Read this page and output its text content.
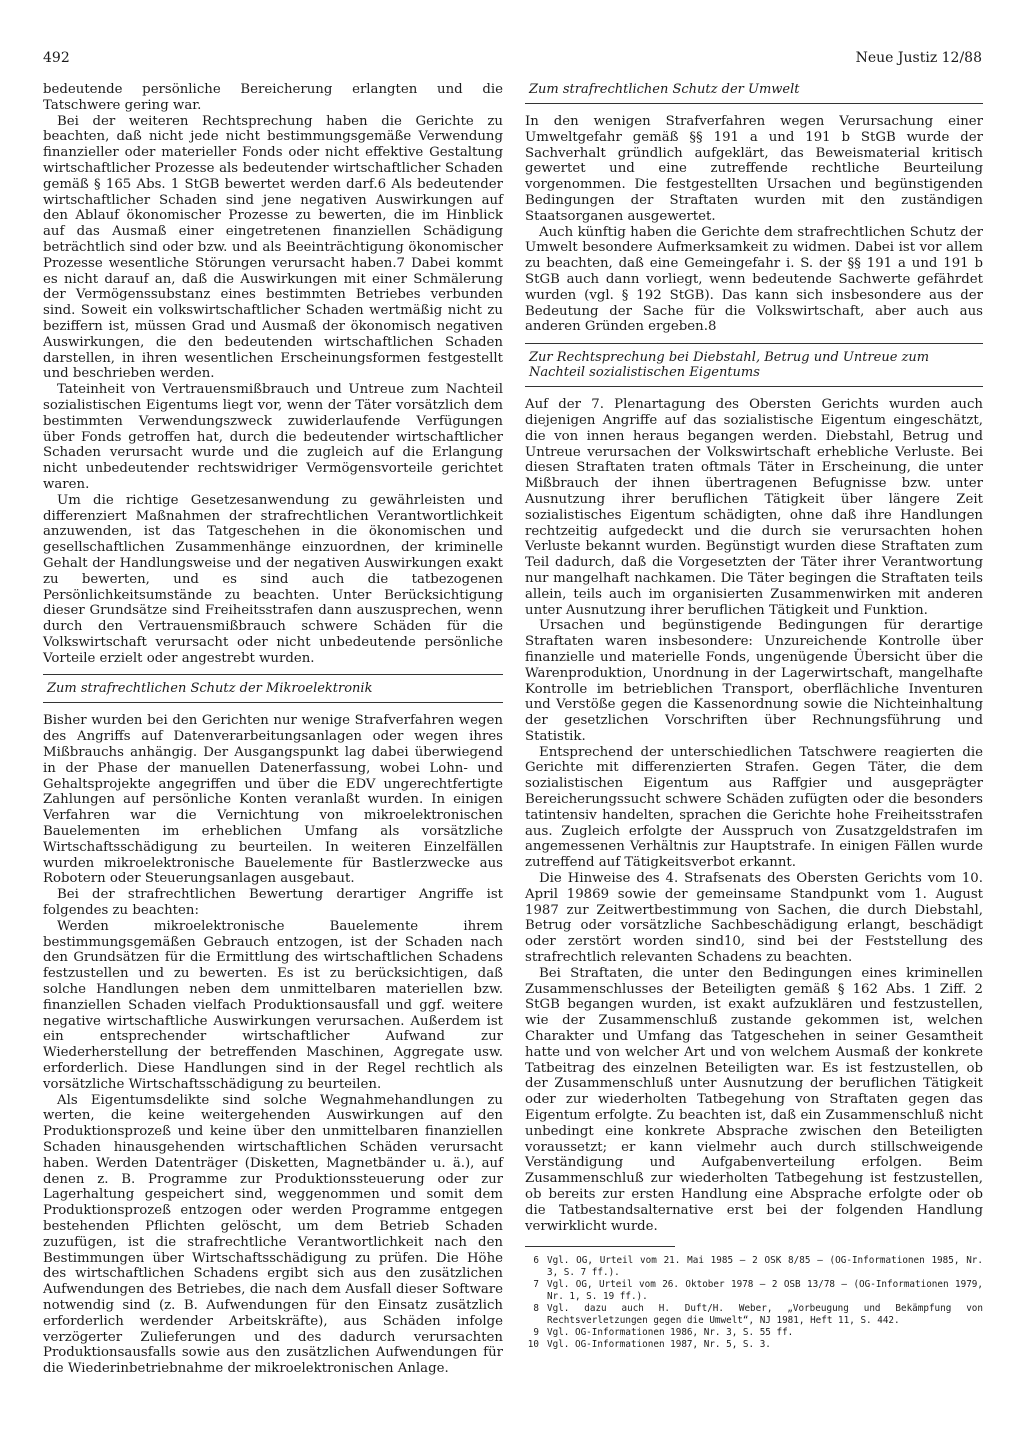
492	Neue Justiz 12/88

bedeutende persönliche Bereicherung erlangten und die Tatschwere gering war.

Bei der weiteren Rechtsprechung haben die Gerichte zu beachten, daß nicht jede nicht bestimmungsgemäße Verwendung finanzieller oder materieller Fonds oder nicht effektive Gestaltung wirtschaftlicher Prozesse als bedeutender wirtschaftlicher Schaden gemäß § 165 Abs. 1 StGB bewertet werden darf.6 Als bedeutender wirtschaftlicher Schaden sind jene negativen Auswirkungen auf den Ablauf ökonomischer Prozesse zu bewerten, die im Hinblick auf das Ausmaß einer eingetretenen finanziellen Schädigung beträchtlich sind oder bzw. und als Beeinträchtigung ökonomischer Prozesse wesentliche Störungen verursacht haben.7 Dabei kommt es nicht darauf an, daß die Auswirkungen mit einer Schmälerung der Vermögenssubstanz eines bestimmten Betriebes verbunden sind. Soweit ein volkswirtschaftlicher Schaden wertmäßig nicht zu beziffern ist, müssen Grad und Ausmaß der ökonomisch negativen Auswirkungen, die den bedeutenden wirtschaftlichen Schaden darstellen, in ihren wesentlichen Erscheinungsformen festgestellt und beschrieben werden.

Tateinheit von Vertrauensmißbrauch und Untreue zum Nachteil sozialistischen Eigentums liegt vor, wenn der Täter vorsätzlich dem bestimmten Verwendungszweck zuwiderlaufende Verfügungen über Fonds getroffen hat, durch die bedeutender wirtschaftlicher Schaden verursacht wurde und die zugleich auf die Erlangung nicht unbedeutender rechtswidriger Vermögensvorteile gerichtet waren.

Um die richtige Gesetzesanwendung zu gewährleisten und differenziert Maßnahmen der strafrechtlichen Verantwortlichkeit anzuwenden, ist das Tatgeschehen in die ökonomischen und gesellschaftlichen Zusammenhänge einzuordnen, der kriminelle Gehalt der Handlungsweise und der negativen Auswirkungen exakt zu bewerten, und es sind auch die tatbezogenen Persönlichkeitsumstände zu beachten. Unter Berücksichtigung dieser Grundsätze sind Freiheitsstrafen dann auszusprechen, wenn durch den Vertrauensmißbrauch schwere Schäden für die Volkswirtschaft verursacht oder nicht unbedeutende persönliche Vorteile erzielt oder angestrebt wurden.

Zum strafrechtlichen Schutz der Mikroelektronik

Bisher wurden bei den Gerichten nur wenige Strafverfahren wegen des Angriffs auf Datenverarbeitungsanlagen oder wegen ihres Mißbrauchs anhängig. Der Ausgangspunkt lag dabei überwiegend in der Phase der manuellen Datenerfassung, wobei Lohn- und Gehaltsprojekte angegriffen und über die EDV ungerechtfertigte Zahlungen auf persönliche Konten veranlaßt wurden. In einigen Verfahren war die Vernichtung von mikroelektronischen Bauelementen im erheblichen Umfang als vorsätzliche Wirtschaftsschädigung zu beurteilen. In weiteren Einzelfällen wurden mikroelektronische Bauelemente für Bastlerzwecke aus Robotern oder Steuerungsanlagen ausgebaut.

Bei der strafrechtlichen Bewertung derartiger Angriffe ist folgendes zu beachten:

Werden mikroelektronische Bauelemente ihrem bestimmungsgemäßen Gebrauch entzogen, ist der Schaden nach den Grundsätzen für die Ermittlung des wirtschaftlichen Schadens festzustellen und zu bewerten. Es ist zu berücksichtigen, daß solche Handlungen neben dem unmittelbaren materiellen bzw. finanziellen Schaden vielfach Produktionsausfall und ggf. weitere negative wirtschaftliche Auswirkungen verursachen. Außerdem ist ein entsprechender wirtschaftlicher Aufwand zur Wiederherstellung der betreffenden Maschinen, Aggregate usw. erforderlich. Diese Handlungen sind in der Regel rechtlich als vorsätzliche Wirtschaftsschädigung zu beurteilen.

Als Eigentumsdelikte sind solche Wegnahmehandlungen zu werten, die keine weitergehenden Auswirkungen auf den Produktionsprozeß und keine über den unmittelbaren finanziellen Schaden hinausgehenden wirtschaftlichen Schäden verursacht haben. Werden Datenträger (Disketten, Magnetbänder u. ä.), auf denen z. B. Programme zur Produktionssteuerung oder zur Lagerhaltung gespeichert sind, weggenommen und somit dem Produktionsprozeß entzogen oder werden Programme entgegen bestehenden Pflichten gelöscht, um dem Betrieb Schaden zuzufügen, ist die strafrechtliche Verantwortlichkeit nach den Bestimmungen über Wirtschaftsschädigung zu prüfen. Die Höhe des wirtschaftlichen Schadens ergibt sich aus den zusätzlichen Aufwendungen des Betriebes, die nach dem Ausfall dieser Software notwendig sind (z. B. Aufwendungen für den Einsatz zusätzlich erforderlich werdender Arbeitskräfte), aus Schäden infolge verzögerter Zulieferungen und des dadurch verursachten Produktionsausfalls sowie aus den zusätzlichen Aufwendungen für die Wiederinbetriebnahme der mikroelektronischen Anlage.

Zum strafrechtlichen Schutz der Umwelt

In den wenigen Strafverfahren wegen Verursachung einer Umweltgefahr gemäß §§ 191 a und 191 b StGB wurde der Sachverhalt gründlich aufgeklärt, das Beweismaterial kritisch gewertet und eine zutreffende rechtliche Beurteilung vorgenommen. Die festgestellten Ursachen und begünstigenden Bedingungen der Straftaten wurden mit den zuständigen Staatsorganen ausgewertet.

Auch künftig haben die Gerichte dem strafrechtlichen Schutz der Umwelt besondere Aufmerksamkeit zu widmen. Dabei ist vor allem zu beachten, daß eine Gemeingefahr i. S. der §§ 191 a und 191 b StGB auch dann vorliegt, wenn bedeutende Sachwerte gefährdet wurden (vgl. § 192 StGB). Das kann sich insbesondere aus der Bedeutung der Sache für die Volkswirtschaft, aber auch aus anderen Gründen ergeben.8

Zur Rechtsprechung bei Diebstahl, Betrug und Untreue zum Nachteil sozialistischen Eigentums

Auf der 7. Plenartagung des Obersten Gerichts wurden auch diejenigen Angriffe auf das sozialistische Eigentum eingeschätzt, die von innen heraus begangen werden. Diebstahl, Betrug und Untreue verursachen der Volkswirtschaft erhebliche Verluste. Bei diesen Straftaten traten oftmals Täter in Erscheinung, die unter Mißbrauch der ihnen übertragenen Befugnisse bzw. unter Ausnutzung ihrer beruflichen Tätigkeit über längere Zeit sozialistisches Eigentum schädigten, ohne daß ihre Handlungen rechtzeitig aufgedeckt und die durch sie verursachten hohen Verluste bekannt wurden. Begünstigt wurden diese Straftaten zum Teil dadurch, daß die Vorgesetzten der Täter ihrer Verantwortung nur mangelhaft nachkamen. Die Täter begingen die Straftaten teils allein, teils auch im organisierten Zusammenwirken mit anderen unter Ausnutzung ihrer beruflichen Tätigkeit und Funktion.

Ursachen und begünstigende Bedingungen für derartige Straftaten waren insbesondere: Unzureichende Kontrolle über finanzielle und materielle Fonds, ungenügende Übersicht über die Warenproduktion, Unordnung in der Lagerwirtschaft, mangelhafte Kontrolle im betrieblichen Transport, oberflächliche Inventuren und Verstöße gegen die Kassenordnung sowie die Nichteinhaltung der gesetzlichen Vorschriften über Rechnungsführung und Statistik.

Entsprechend der unterschiedlichen Tatschwere reagierten die Gerichte mit differenzierten Strafen. Gegen Täter, die dem sozialistischen Eigentum aus Raffgier und ausgeprägter Bereicherungssucht schwere Schäden zufügten oder die besonders tatintensiv handelten, sprachen die Gerichte hohe Freiheitsstrafen aus. Zugleich erfolgte der Ausspruch von Zusatzgeldstrafen im angemessenen Verhältnis zur Hauptstrafe. In einigen Fällen wurde zutreffend auf Tätigkeitsverbot erkannt.

Die Hinweise des 4. Strafsenats des Obersten Gerichts vom 10. April 19869 sowie der gemeinsame Standpunkt vom 1. August 1987 zur Zeitwertbestimmung von Sachen, die durch Diebstahl, Betrug oder vorsätzliche Sachbeschädigung erlangt, beschädigt oder zerstört worden sind10, sind bei der Feststellung des strafrechtlich relevanten Schadens zu beachten.

Bei Straftaten, die unter den Bedingungen eines kriminellen Zusammenschlusses der Beteiligten gemäß § 162 Abs. 1 Ziff. 2 StGB begangen wurden, ist exakt aufzuklären und festzustellen, wie der Zusammenschluß zustande gekommen ist, welchen Charakter und Umfang das Tatgeschehen in seiner Gesamtheit hatte und von welcher Art und von welchem Ausmaß der konkrete Tatbeitrag des einzelnen Beteiligten war. Es ist festzustellen, ob der Zusammenschluß unter Ausnutzung der beruflichen Tätigkeit oder zur wiederholten Tatbegehung von Straftaten gegen das Eigentum erfolgte. Zu beachten ist, daß ein Zusammenschluß nicht unbedingt eine konkrete Absprache zwischen den Beteiligten voraussetzt; er kann vielmehr auch durch stillschweigende Verständigung und Aufgabenverteilung erfolgen. Beim Zusammenschluß zur wiederholten Tatbegehung ist festzustellen, ob bereits zur ersten Handlung eine Absprache erfolgte oder ob die Tatbestandsalternative erst bei der folgenden Handlung verwirklicht wurde.

6 Vgl. OG, Urteil vom 21. Mai 1985 – 2 OSK 8/85 – (OG-Informationen 1985, Nr. 3, S. 7 ff.).
7 Vgl. OG, Urteil vom 26. Oktober 1978 – 2 OSB 13/78 – (OG-Informationen 1979, Nr. 1, S. 19 ff.).
8 Vgl. dazu auch H. Duft/H. Weber, „Vorbeugung und Bekämpfung von Rechtsverletzungen gegen die Umwelt“, NJ 1981, Heft 11, S. 442.
9 Vgl. OG-Informationen 1986, Nr. 3, S. 55 ff.
10 Vgl. OG-Informationen 1987, Nr. 5, S. 3.
